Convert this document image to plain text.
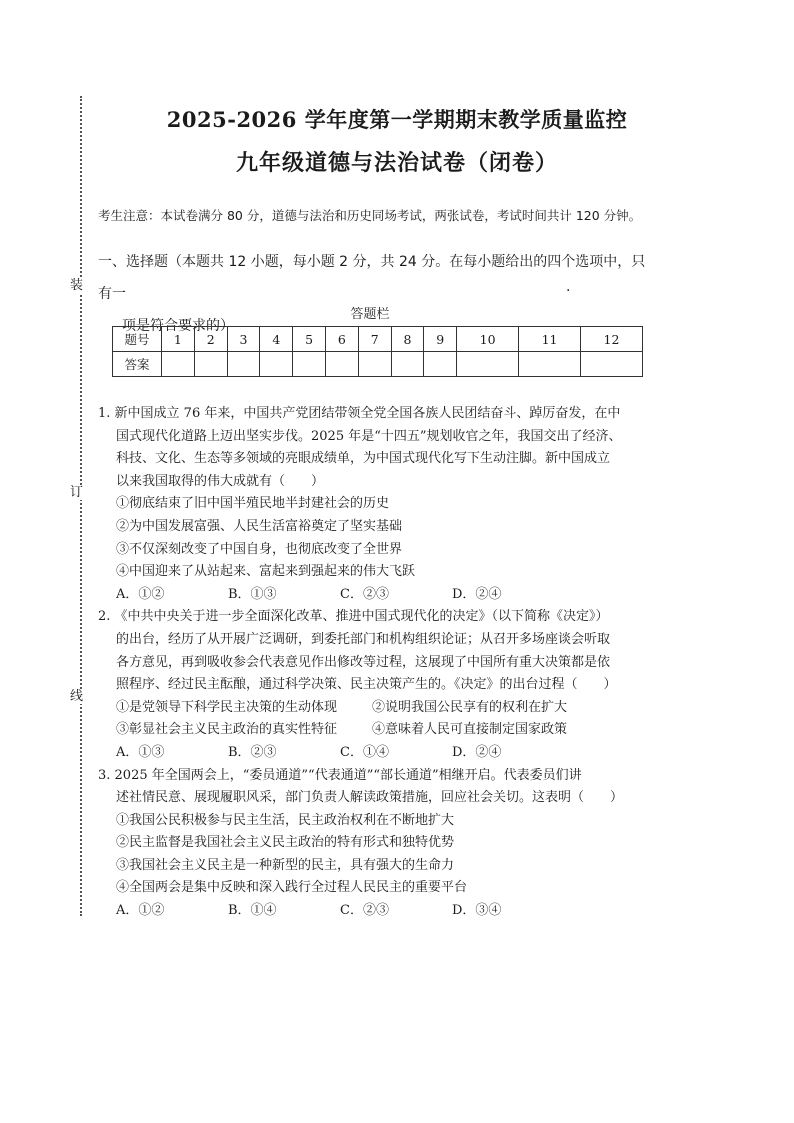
装
订
线
2025-2026 学年度第一学期期末教学质量监控
九年级道德与法治试卷（闭卷）
考生注意：本试卷满分 80 分，道德与法治和历史同场考试，两张试卷，考试时间共计 120 分钟。
一、选择题（本题共 12 小题，每小题 2 分，共 24 分。在每小题给出的四个选项中，只有一
项是符合要求的）
.
答题栏
题号	1	2	3	4	5	6	7	8	9	10	11	12
答案												
1. 新中国成立 76 年来，中国共产党团结带领全党全国各族人民团结奋斗、踔厉奋发，在中
国式现代化道路上迈出坚实步伐。2025 年是“十四五”规划收官之年，我国交出了经济、
科技、文化、生态等多领域的亮眼成绩单，为中国式现代化写下生动注脚。新中国成立
以来我国取得的伟大成就有（　　）
①彻底结束了旧中国半殖民地半封建社会的历史
②为中国发展富强、人民生活富裕奠定了坚实基础
③不仅深刻改变了中国自身，也彻底改变了全世界
④中国迎来了从站起来、富起来到强起来的伟大飞跃
A．①②	B．①③	C．②③	D．②④
2. 《中共中央关于进一步全面深化改革、推进中国式现代化的决定》（以下简称《决定》）
的出台，经历了从开展广泛调研，到委托部门和机构组织论证；从召开多场座谈会听取
各方意见，再到吸收参会代表意见作出修改等过程，这展现了中国所有重大决策都是依
照程序、经过民主酝酿，通过科学决策、民主决策产生的。《决定》的出台过程（　　）
①是党领导下科学民主决策的生动体现	②说明我国公民享有的权利在扩大
③彰显社会主义民主政治的真实性特征	④意味着人民可直接制定国家政策
A．①③	B．②③	C．①④	D．②④
3. 2025 年全国两会上，“委员通道”“代表通道”“部长通道”相继开启。代表委员们讲
述社情民意、展现履职风采，部门负责人解读政策措施，回应社会关切。这表明（　　）
①我国公民积极参与民主生活，民主政治权利在不断地扩大
②民主监督是我国社会主义民主政治的特有形式和独特优势
③我国社会主义民主是一种新型的民主，具有强大的生命力
④全国两会是集中反映和深入践行全过程人民民主的重要平台
A．①②	B．①④	C．②③	D．③④
